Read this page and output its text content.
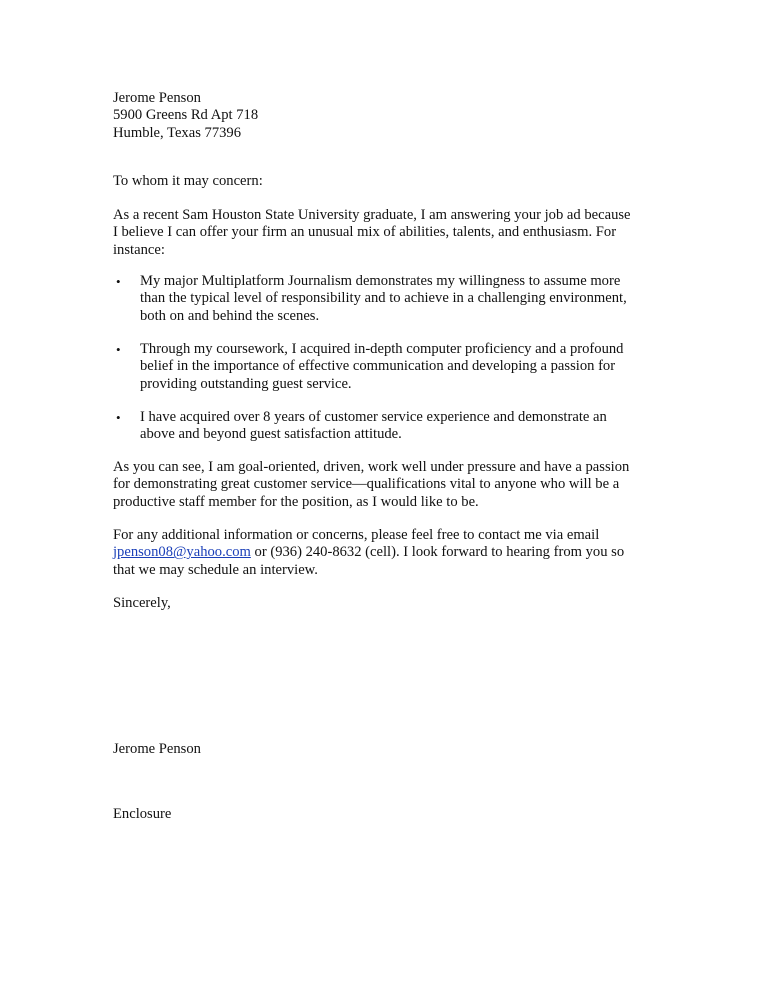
Jerome Penson
5900 Greens Rd Apt 718
Humble, Texas 77396
To whom it may concern:
As a recent Sam Houston State University graduate, I am answering your job ad because
I believe I can offer your firm an unusual mix of abilities, talents, and enthusiasm. For
instance:
• My major Multiplatform Journalism demonstrates my willingness to assume more
than the typical level of responsibility and to achieve in a challenging environment,
both on and behind the scenes.
• Through my coursework, I acquired in-depth computer proficiency and a profound
belief in the importance of effective communication and developing a passion for
providing outstanding guest service.
• I have acquired over 8 years of customer service experience and demonstrate an
above and beyond guest satisfaction attitude.
As you can see, I am goal-oriented, driven, work well under pressure and have a passion
for demonstrating great customer service—qualifications vital to anyone who will be a
productive staff member for the position, as I would like to be.
For any additional information or concerns, please feel free to contact me via email
jpenson08@yahoo.com or (936) 240-8632 (cell). I look forward to hearing from you so
that we may schedule an interview.
Sincerely,
Jerome Penson
Enclosure
